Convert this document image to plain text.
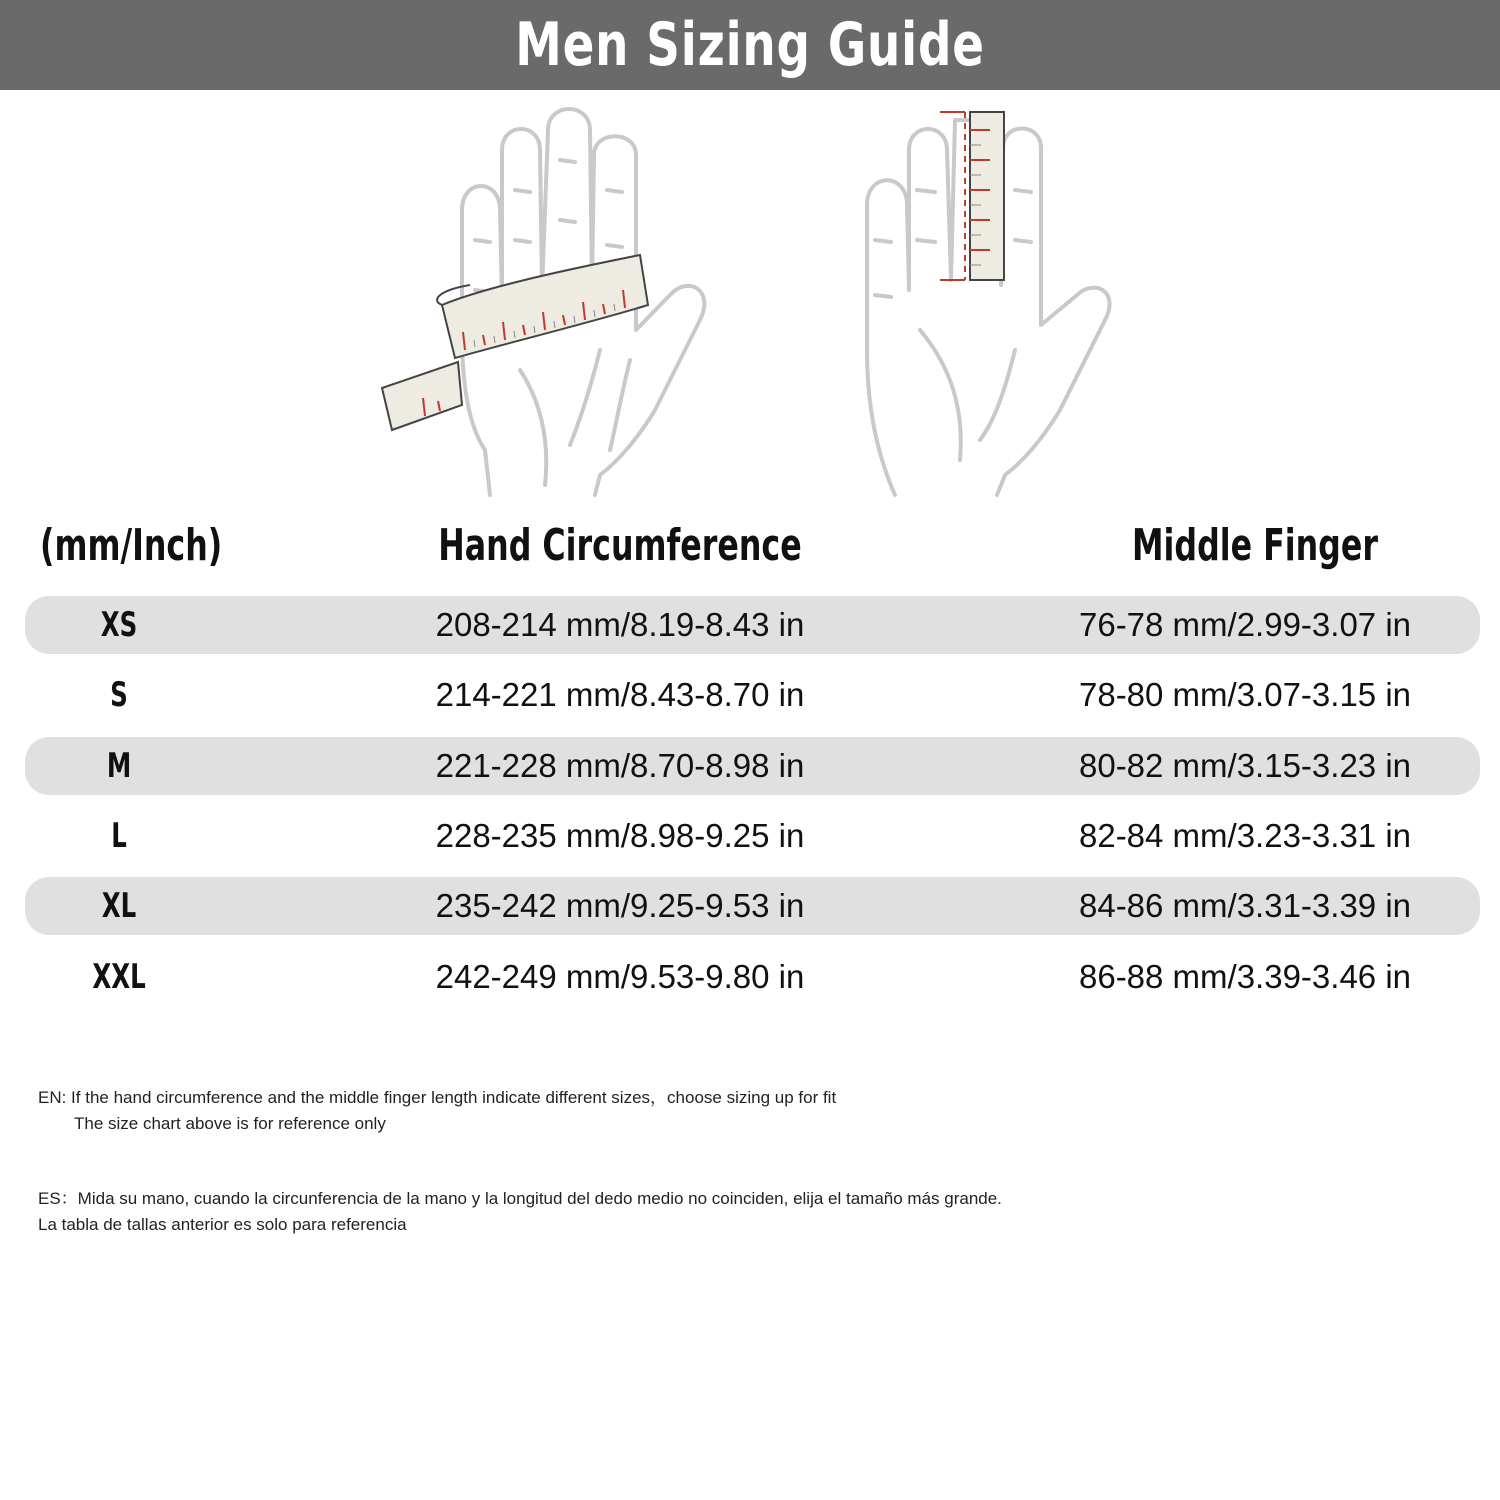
Men Sizing Guide
(mm/Inch)	Hand Circumference	Middle Finger
XS	208-214 mm/8.19-8.43 in	76-78 mm/2.99-3.07 in
S	214-221 mm/8.43-8.70 in	78-80 mm/3.07-3.15 in
M	221-228 mm/8.70-8.98 in	80-82 mm/3.15-3.23 in
L	228-235 mm/8.98-9.25 in	82-84 mm/3.23-3.31 in
XL	235-242 mm/9.25-9.53 in	84-86 mm/3.31-3.39 in
XXL	242-249 mm/9.53-9.80 in	86-88 mm/3.39-3.46 in
EN: If the hand circumference and the middle finger length indicate different sizes，choose sizing up for fit
The size chart above is for reference only
ES：Mida su mano, cuando la circunferencia de la mano y la longitud del dedo medio no coinciden, elija el tamaño más grande.
La tabla de tallas anterior es solo para referencia
